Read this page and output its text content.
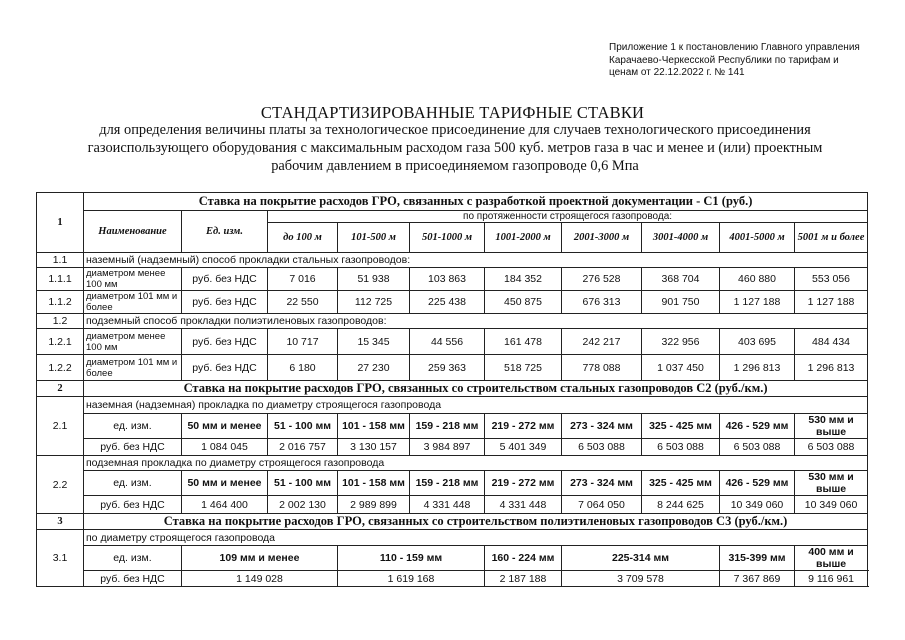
Приложение 1 к постановлению Главного управления
Карачаево-Черкесской Республики по тарифам и
ценам от 22.12.2022 г. № 141
СТАНДАРТИЗИРОВАННЫЕ ТАРИФНЫЕ СТАВКИ
для определения величины платы за технологическое присоединение для случаев технологического присоединения
газоиспользующего оборудования с максимальным расходом газа 500 куб. метров газа в час и менее и (или) проектным
рабочим давлением в присоединяемом газопроводе 0,6 Мпа
1	Ставка на покрытие расходов ГРО, связанных с разработкой проектной документации - С1 (руб.)									
	Наименование	Ед. изм.	по протяженности строящегося газопровода:							
			до 100 м	101-500 м	501-1000 м	1001-2000 м	2001-3000 м	3001-4000 м	4001-5000 м	5001 м и более
1.1	наземный (надземный) способ прокладки стальных газопроводов:									
1.1.1	диаметром менее 100 мм	руб. без НДС	7 016	51 938	103 863	184 352	276 528	368 704	460 880	553 056
1.1.2	диаметром 101 мм и более	руб. без НДС	22 550	112 725	225 438	450 875	676 313	901 750	1 127 188	1 127 188
1.2	подземный способ прокладки полиэтиленовых газопроводов:									
1.2.1	диаметром менее 100 мм	руб. без НДС	10 717	15 345	44 556	161 478	242 217	322 956	403 695	484 434
1.2.2	диаметром 101 мм и более	руб. без НДС	6 180	27 230	259 363	518 725	778 088	1 037 450	1 296 813	1 296 813
2	Ставка на покрытие расходов ГРО, связанных со строительством стальных газопроводов С2 (руб./км.)									
2.1	наземная (надземная) прокладка по диаметру строящегося газопровода									
	ед. изм.	50 мм и менее	51 - 100 мм	101 - 158 мм	159 - 218 мм	219 - 272 мм	273 - 324 мм	325 - 425 мм	426 - 529 мм	530 мм и выше
	руб. без НДС	1 084 045	2 016 757	3 130 157	3 984 897	5 401 349	6 503 088	6 503 088	6 503 088	6 503 088
2.2	подземная прокладка по диаметру строящегося газопровода									
	ед. изм.	50 мм и менее	51 - 100 мм	101 - 158 мм	159 - 218 мм	219 - 272 мм	273 - 324 мм	325 - 425 мм	426 - 529 мм	530 мм и выше
	руб. без НДС	1 464 400	2 002 130	2 989 899	4 331 448	4 331 448	7 064 050	8 244 625	10 349 060	10 349 060
3	Ставка на покрытие расходов ГРО, связанных со строительством полиэтиленовых газопроводов С3 (руб./км.)									
3.1	по диаметру строящегося газопровода									
	ед. изм.	109 мм и менее		110 - 159 мм		160 - 224 мм	225-314 мм		315-399 мм	400 мм и выше
	руб. без НДС	1 149 028		1 619 168		2 187 188	3 709 578		7 367 869	9 116 961
